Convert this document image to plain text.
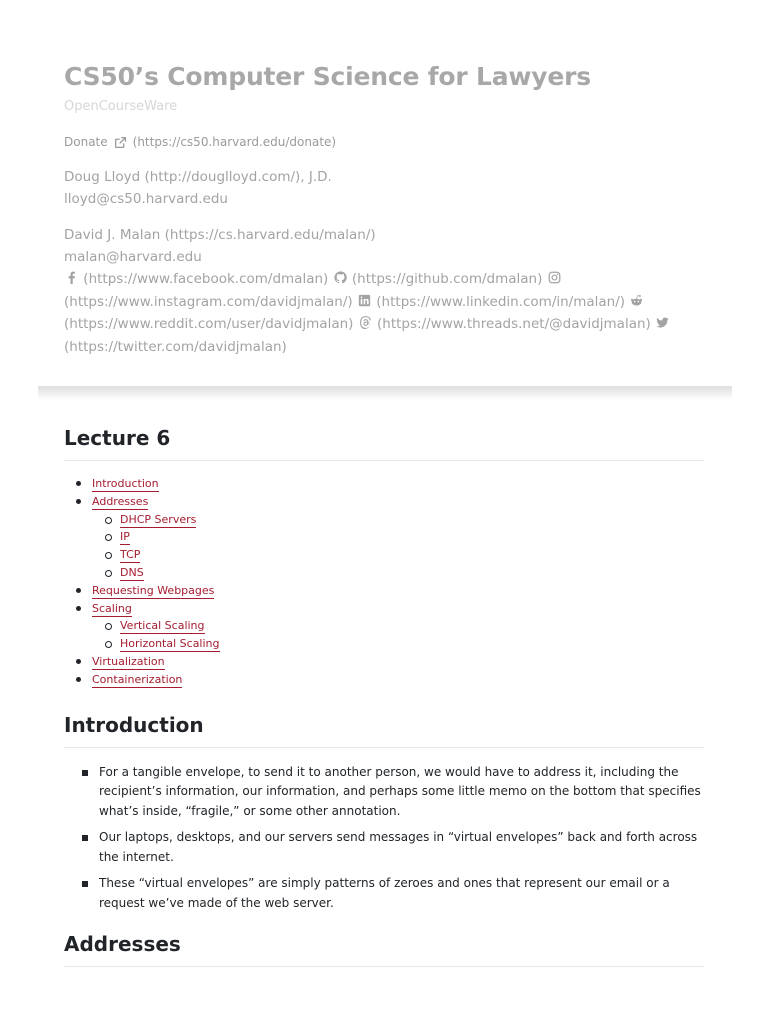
CS50’s Computer Science for Lawyers
OpenCourseWare
Donate (https://cs50.harvard.edu/donate)
Doug Lloyd (http://douglloyd.com/), J.D.
lloyd@cs50.harvard.edu
David J. Malan (https://cs.harvard.edu/malan/)
malan@harvard.edu
(https://www.facebook.com/dmalan) (https://github.com/dmalan)  (https://www.instagram.com/davidjmalan/) (https://www.linkedin.com/in/malan/)
(https://www.reddit.com/user/davidjmalan) (https://www.threads.net/@davidjmalan)
(https://twitter.com/davidjmalan)
Lecture 6
Introduction
Addresses
DHCP Servers
IP
TCP
DNS
Requesting Webpages
Scaling
Vertical Scaling
Horizontal Scaling
Virtualization
Containerization
Introduction
For a tangible envelope, to send it to another person, we would have to address it, including the recipient’s information, our information, and perhaps some little memo on the bottom that specifies what’s inside, “fragile,” or some other annotation.
Our laptops, desktops, and our servers send messages in “virtual envelopes” back and forth across the internet.
These “virtual envelopes” are simply patterns of zeroes and ones that represent our email or a request we’ve made of the web server.
Addresses
